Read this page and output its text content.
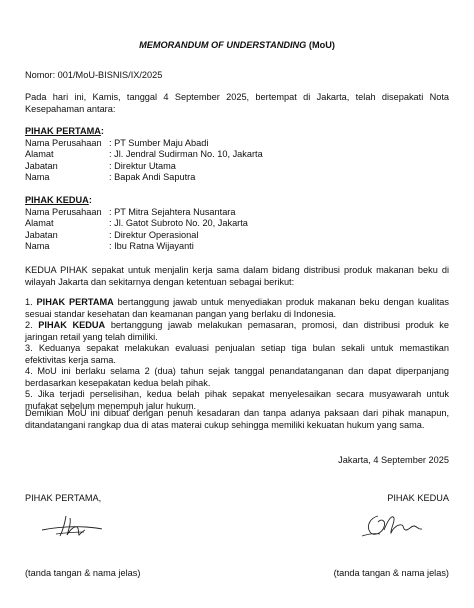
MEMORANDUM OF UNDERSTANDING (MoU)
Nomor: 001/MoU-BISNIS/IX/2025
Pada hari ini, Kamis, tanggal 4 September 2025, bertempat di Jakarta, telah disepakati Nota Kesepahaman antara:
PIHAK PERTAMA:
Nama Perusahaan : PT Sumber Maju Abadi
Alamat	: Jl. Jendral Sudirman No. 10, Jakarta
Jabatan	: Direktur Utama
Nama	: Bapak Andi Saputra
PIHAK KEDUA:
Nama Perusahaan : PT Mitra Sejahtera Nusantara
Alamat	: Jl. Gatot Subroto No. 20, Jakarta
Jabatan	: Direktur Operasional
Nama	: Ibu Ratna Wijayanti
KEDUA PIHAK sepakat untuk menjalin kerja sama dalam bidang distribusi produk makanan beku di wilayah Jakarta dan sekitarnya dengan ketentuan sebagai berikut:

1. PIHAK PERTAMA bertanggung jawab untuk menyediakan produk makanan beku dengan kualitas sesuai standar kesehatan dan keamanan pangan yang berlaku di Indonesia.

2. PIHAK KEDUA bertanggung jawab melakukan pemasaran, promosi, dan distribusi produk ke jaringan retail yang telah dimiliki.

3. Keduanya sepakat melakukan evaluasi penjualan setiap tiga bulan sekali untuk memastikan efektivitas kerja sama.

4. MoU ini berlaku selama 2 (dua) tahun sejak tanggal penandatanganan dan dapat diperpanjang berdasarkan kesepakatan kedua belah pihak.

5. Jika terjadi perselisihan, kedua belah pihak sepakat menyelesaikan secara musyawarah untuk mufakat sebelum menempuh jalur hukum.

Demikian MoU ini dibuat dengan penuh kesadaran dan tanpa adanya paksaan dari pihak manapun, ditandatangani rangkap dua di atas materai cukup sehingga memiliki kekuatan hukum yang sama.
Jakarta, 4 September 2025
PIHAK PERTAMA,	PIHAK KEDUA
(tanda tangan & nama jelas)	(tanda tangan & nama jelas)
